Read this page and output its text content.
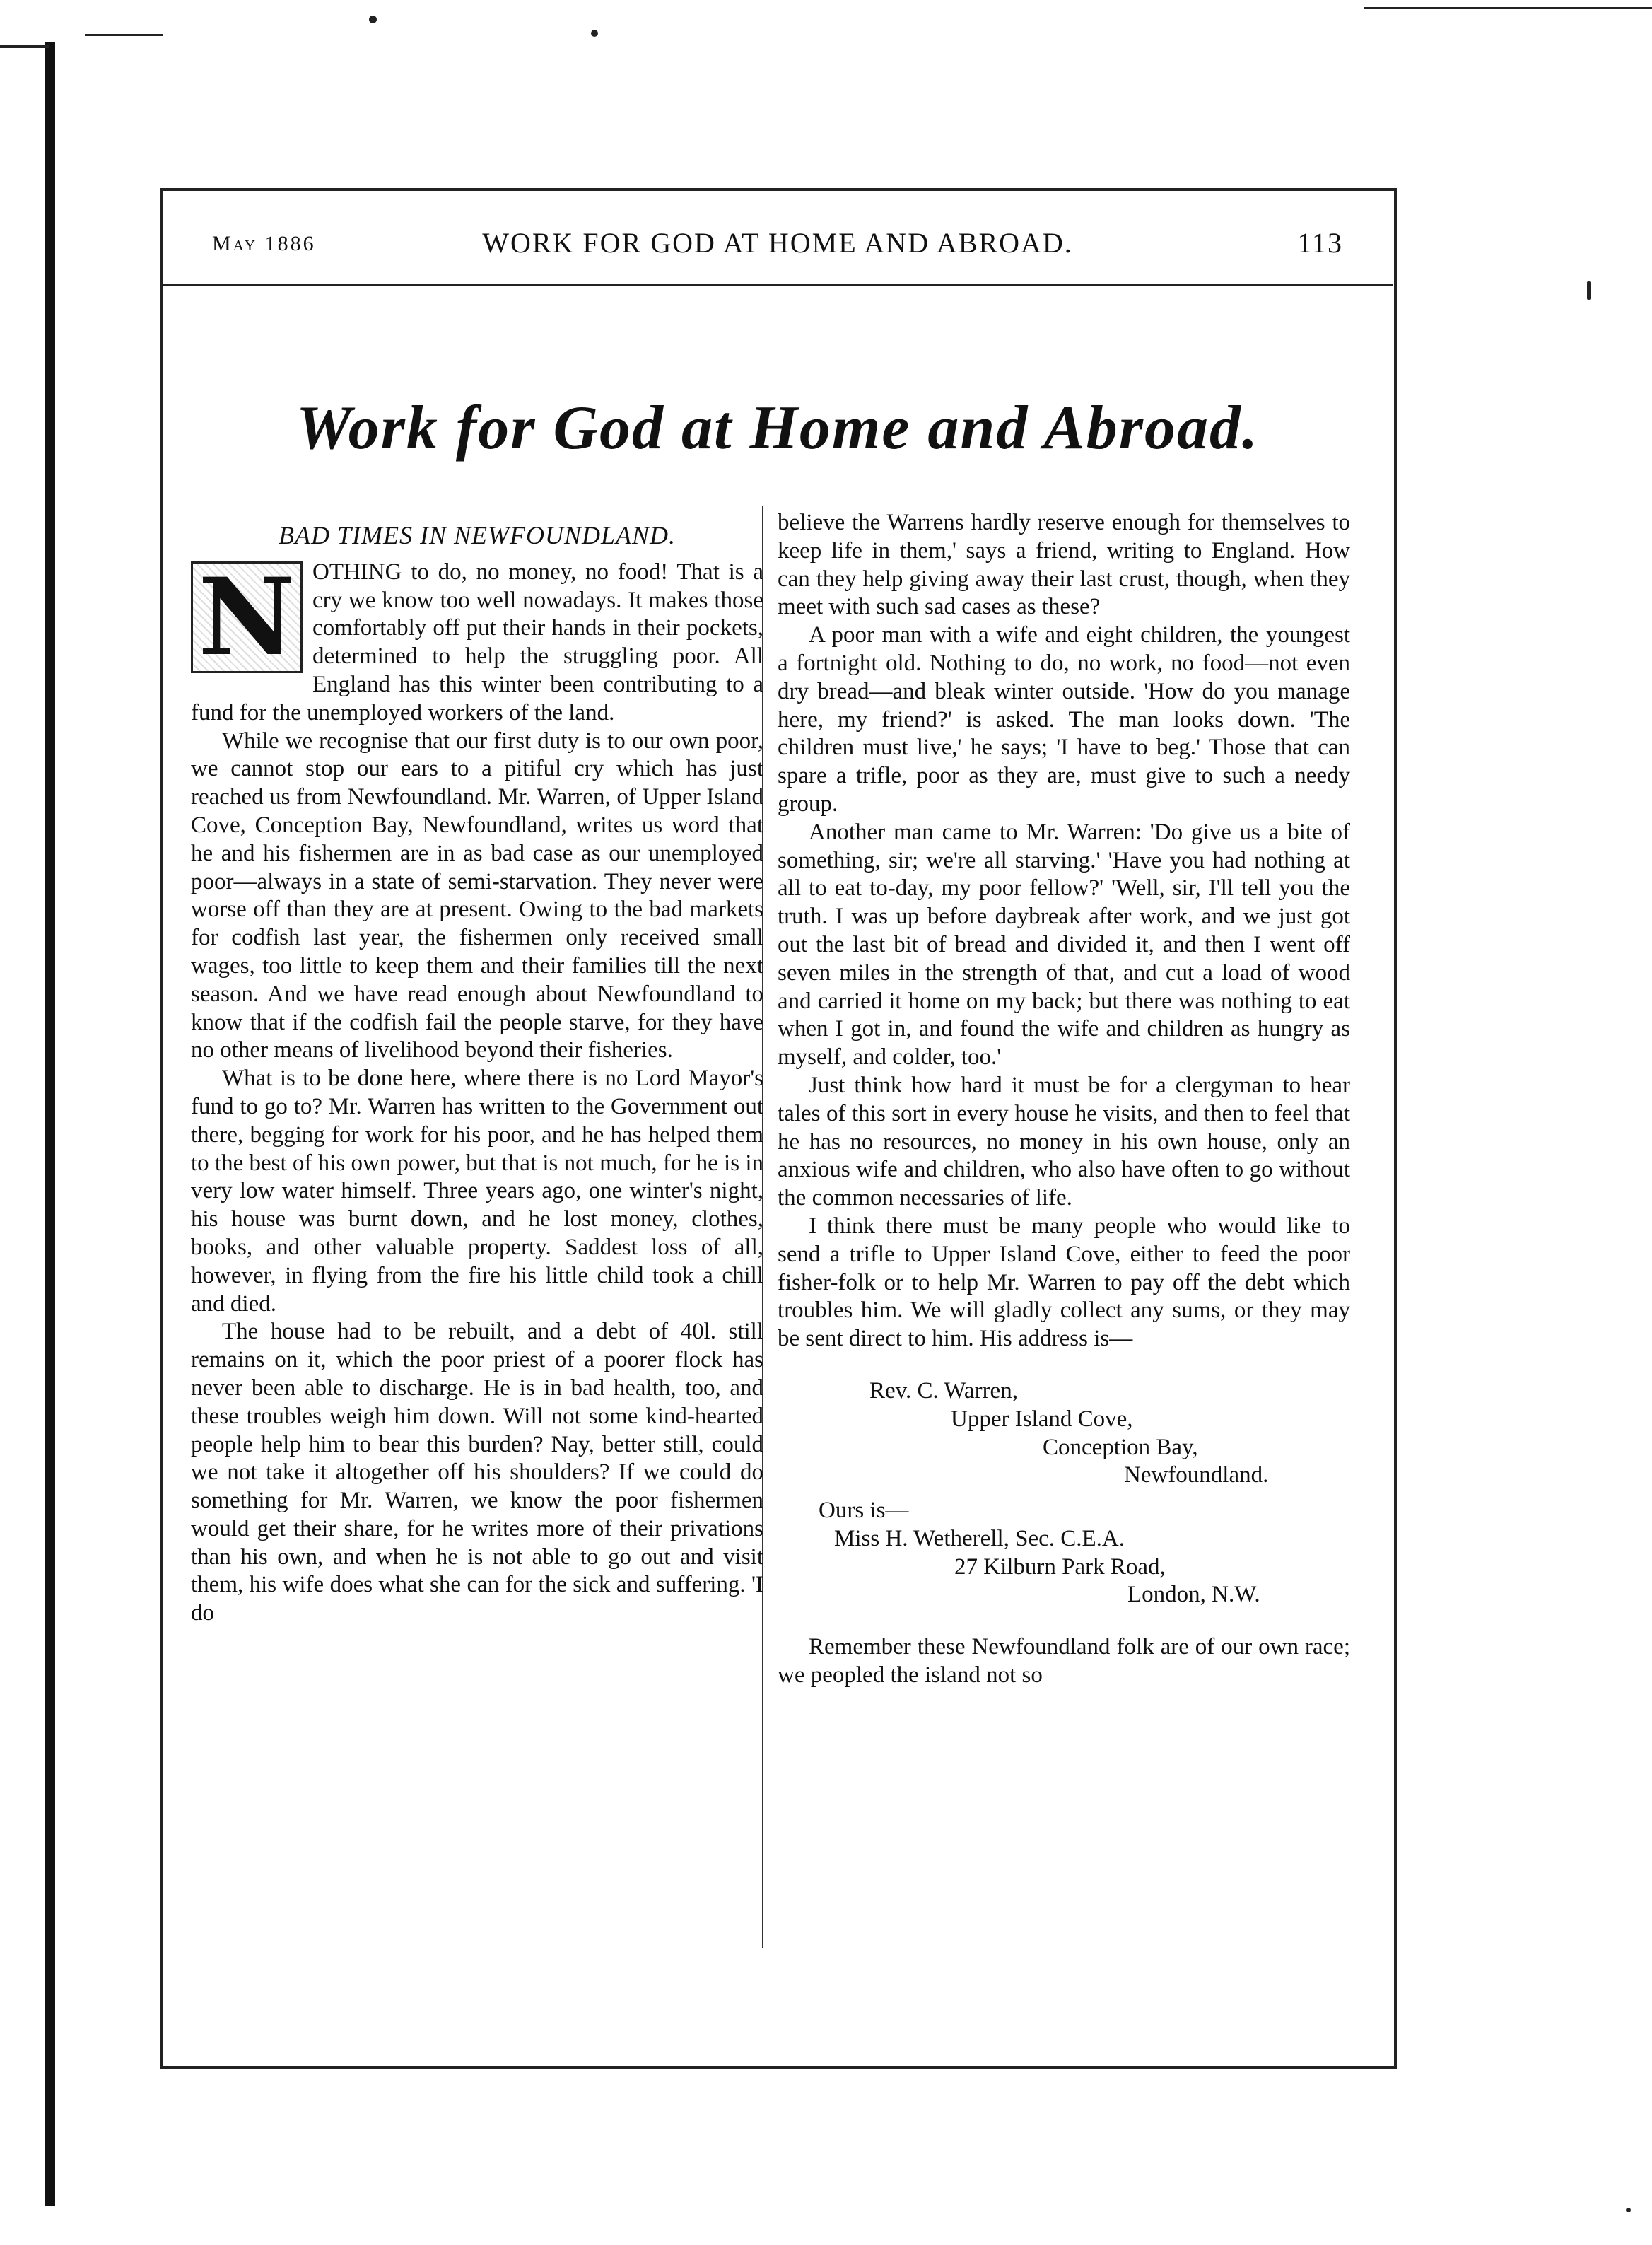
May 1886	WORK FOR GOD AT HOME AND ABROAD.	113
Work for God at Home and Abroad.
BAD TIMES IN NEWFOUNDLAND.
N OTHING to do, no money, no food! That is a cry we know too well nowadays. It makes those comfortably off put their hands in their pockets, determined to help the struggling poor. All England has this winter been contributing to a fund for the unemployed workers of the land.

While we recognise that our first duty is to our own poor, we cannot stop our ears to a pitiful cry which has just reached us from Newfoundland. Mr. Warren, of Upper Island Cove, Conception Bay, Newfoundland, writes us word that he and his fishermen are in as bad case as our unemployed poor—always in a state of semi-starvation. They never were worse off than they are at present. Owing to the bad markets for codfish last year, the fishermen only received small wages, too little to keep them and their families till the next season. And we have read enough about Newfoundland to know that if the codfish fail the people starve, for they have no other means of livelihood beyond their fisheries.

What is to be done here, where there is no Lord Mayor's fund to go to? Mr. Warren has written to the Government out there, begging for work for his poor, and he has helped them to the best of his own power, but that is not much, for he is in very low water himself. Three years ago, one winter's night, his house was burnt down, and he lost money, clothes, books, and other valuable property. Saddest loss of all, however, in flying from the fire his little child took a chill and died.

The house had to be rebuilt, and a debt of 40l. still remains on it, which the poor priest of a poorer flock has never been able to discharge. He is in bad health, too, and these troubles weigh him down. Will not some kind-hearted people help him to bear this burden? Nay, better still, could we not take it altogether off his shoulders? If we could do something for Mr. Warren, we know the poor fishermen would get their share, for he writes more of their privations than his own, and when he is not able to go out and visit them, his wife does what she can for the sick and suffering. 'I do

believe the Warrens hardly reserve enough for themselves to keep life in them,' says a friend, writing to England. How can they help giving away their last crust, though, when they meet with such sad cases as these?

A poor man with a wife and eight children, the youngest a fortnight old. Nothing to do, no work, no food—not even dry bread—and bleak winter outside. 'How do you manage here, my friend?' is asked. The man looks down. 'The children must live,' he says; 'I have to beg.' Those that can spare a trifle, poor as they are, must give to such a needy group.

Another man came to Mr. Warren: 'Do give us a bite of something, sir; we're all starving.' 'Have you had nothing at all to eat to-day, my poor fellow?' 'Well, sir, I'll tell you the truth. I was up before daybreak after work, and we just got out the last bit of bread and divided it, and then I went off seven miles in the strength of that, and cut a load of wood and carried it home on my back; but there was nothing to eat when I got in, and found the wife and children as hungry as myself, and colder, too.'

Just think how hard it must be for a clergyman to hear tales of this sort in every house he visits, and then to feel that he has no resources, no money in his own house, only an anxious wife and children, who also have often to go without the common necessaries of life.

I think there must be many people who would like to send a trifle to Upper Island Cove, either to feed the poor fisher-folk or to help Mr. Warren to pay off the debt which troubles him. We will gladly collect any sums, or they may be sent direct to him. His address is—

Rev. C. Warren,
Upper Island Cove,
Conception Bay,
Newfoundland.
Ours is—
Miss H. Wetherell, Sec. C.E.A.
27 Kilburn Park Road,
London, N.W.

Remember these Newfoundland folk are of our own race; we peopled the island not so
